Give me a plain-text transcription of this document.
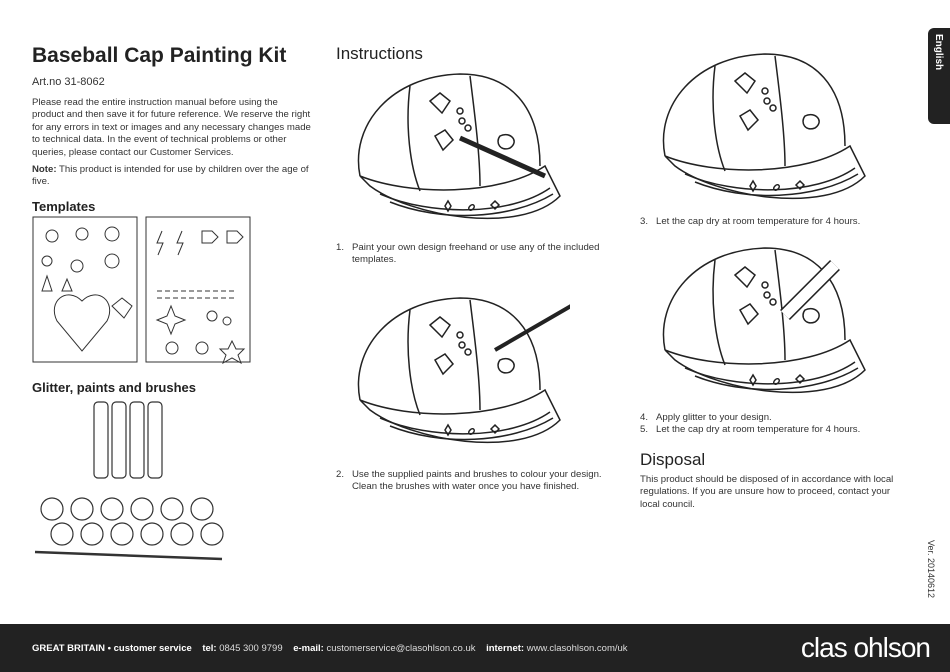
Baseball Cap Painting Kit
Art.no 31-8062

Please read the entire instruction manual before using the product and then save it for future reference. We reserve the right for any errors in text or images and any necessary changes made to technical data. In the event of technical problems or other queries, please contact our Customer Services.

Note: This product is intended for use by children over the age of five.

Templates
Glitter, paints and brushes
Instructions
1. Paint your own design freehand or use any of the included templates.
2. Use the supplied paints and brushes to colour your design. Clean the brushes with water once you have finished.
3. Let the cap dry at room temperature for 4 hours.
4. Apply glitter to your design.
5. Let the cap dry at room temperature for 4 hours.
Disposal

This product should be disposed of in accordance with local regulations. If you are unsure how to proceed, contact your local council.

English
Ver. 20140612
GREAT BRITAIN • customer service tel: 0845 300 9799 e-mail: customerservice@clasohlson.co.uk internet: www.clasohlson.com/uk	clas ohlson
